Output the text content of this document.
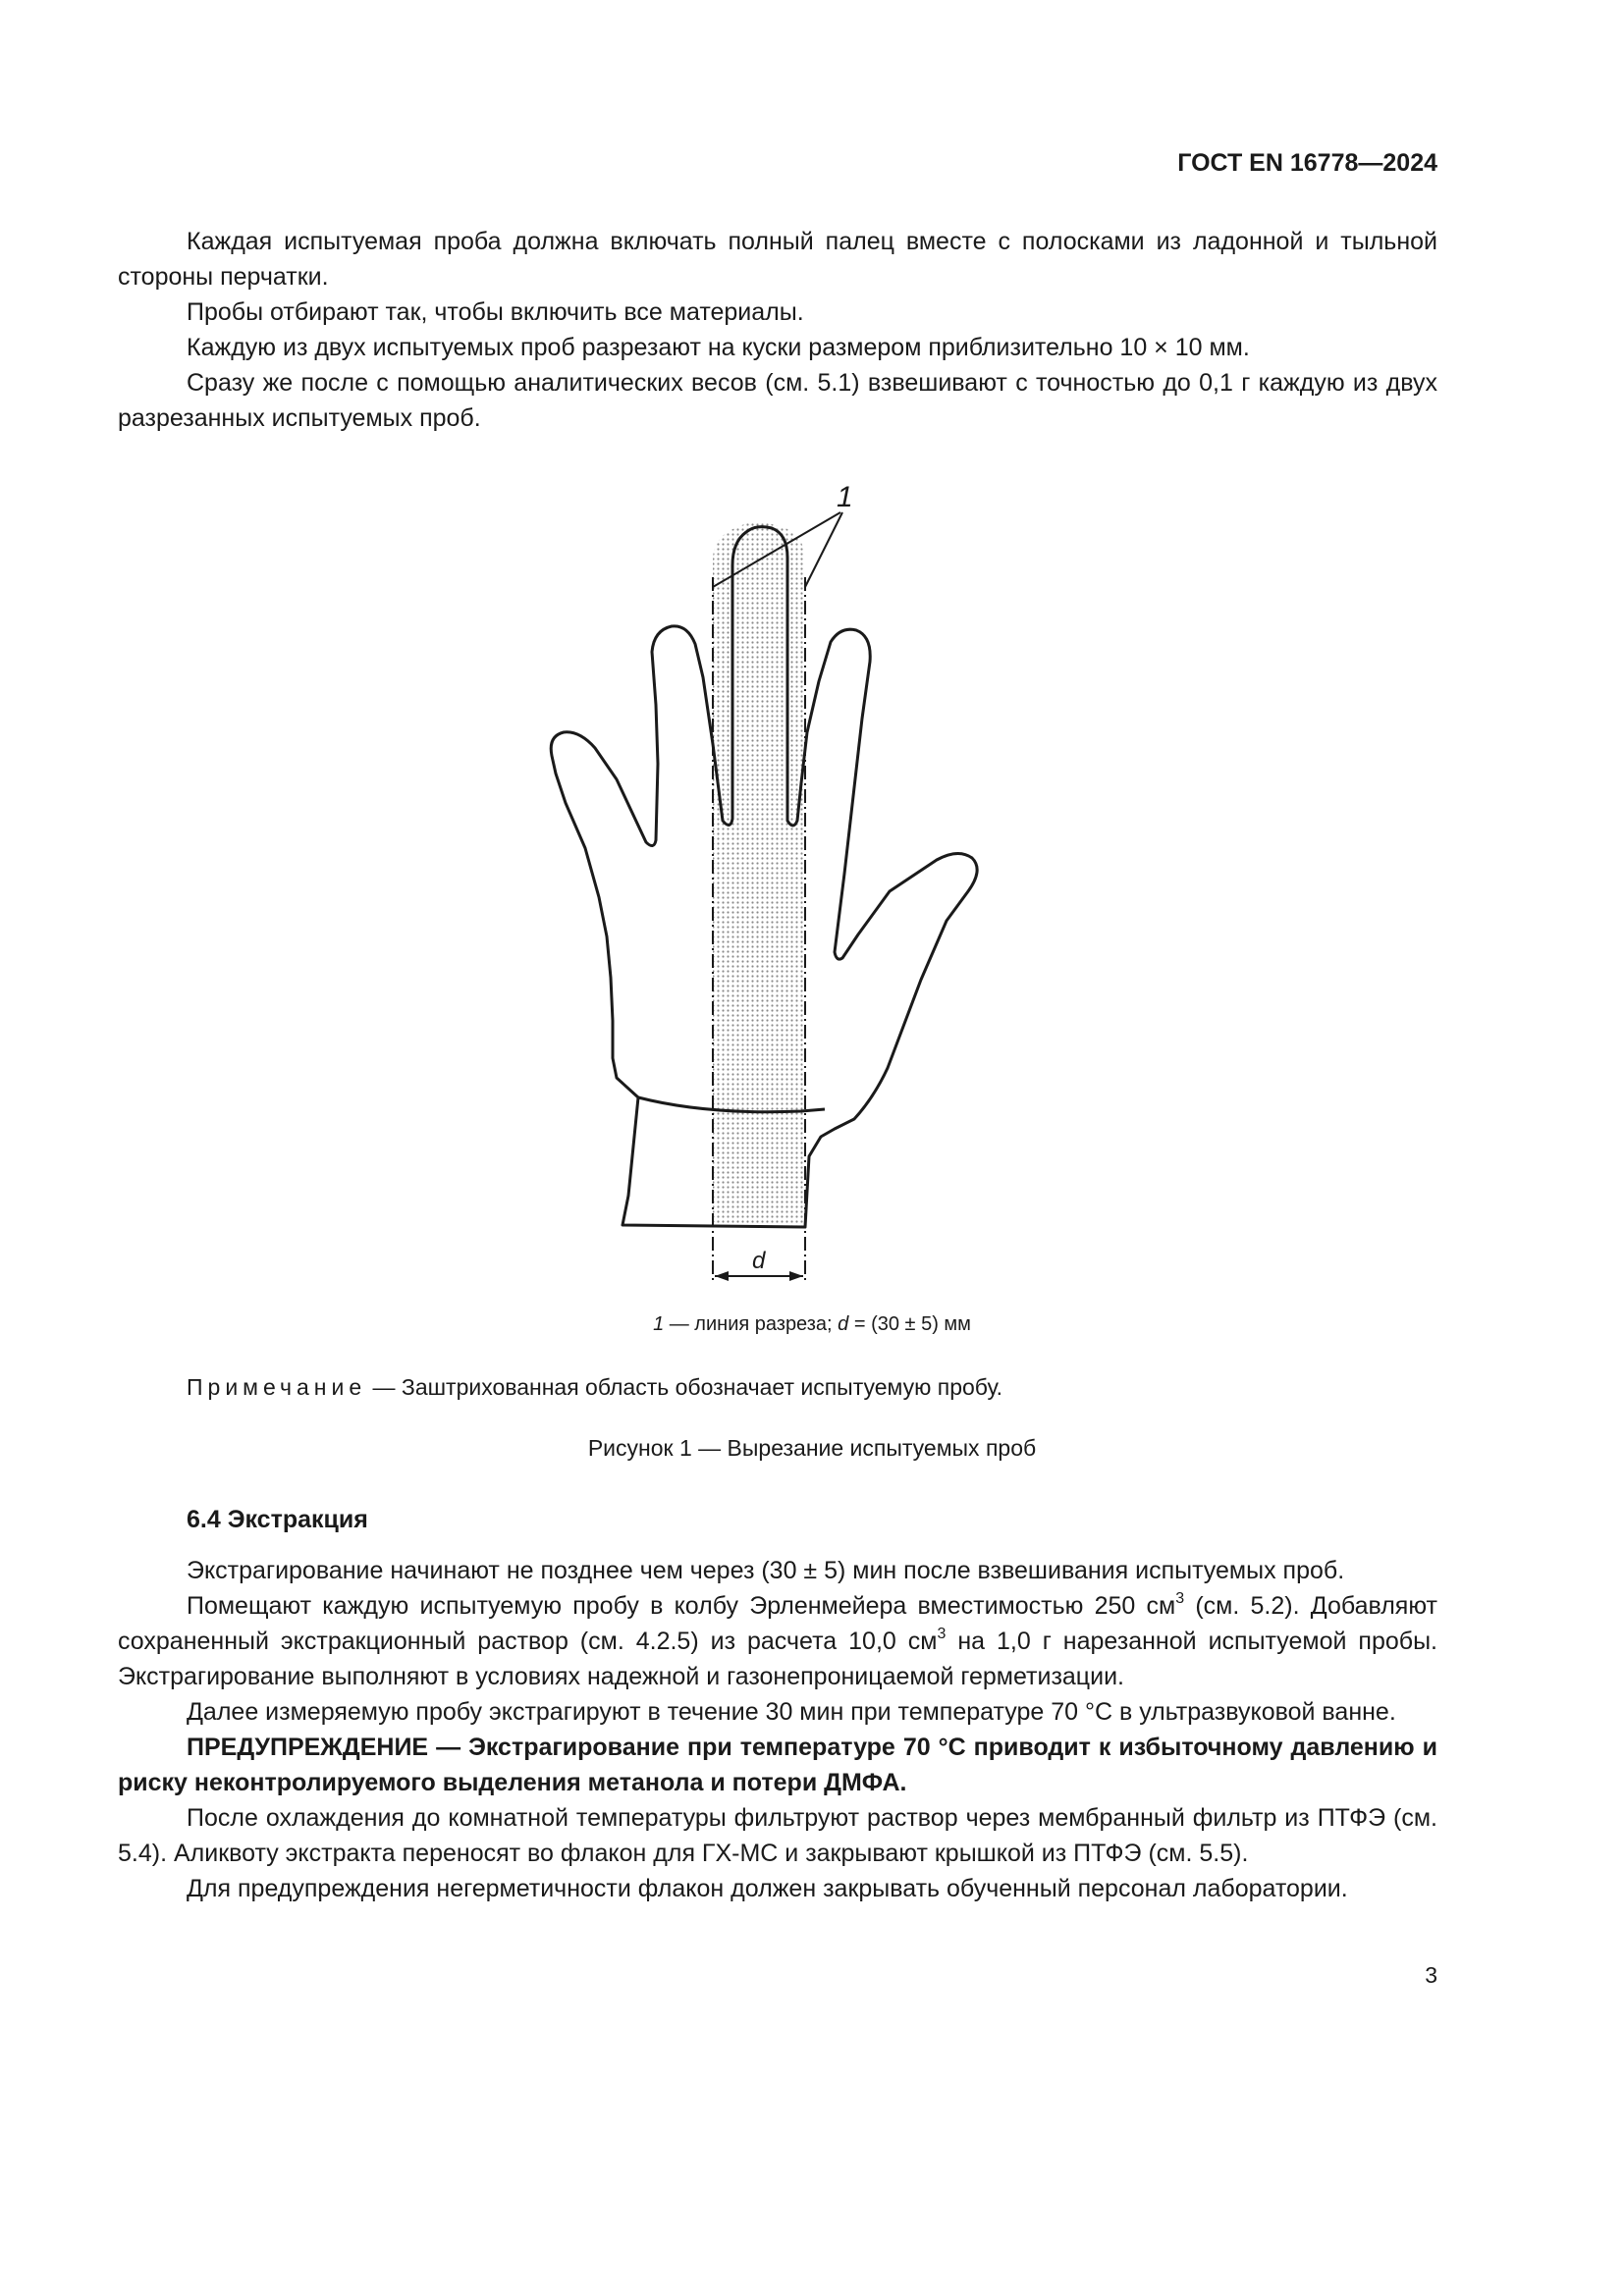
ГОСТ EN 16778—2024

Каждая испытуемая проба должна включать полный палец вместе с полосками из ладонной и тыльной стороны перчатки.

Пробы отбирают так, чтобы включить все материалы.

Каждую из двух испытуемых проб разрезают на куски размером приблизительно 10 × 10 мм.

Сразу же после с помощью аналитических весов (см. 5.1) взвешивают с точностью до 0,1 г каждую из двух разрезанных испытуемых проб.

1
d
1 — линия разреза; d = (30 ± 5) мм
Примечание — Заштрихованная область обозначает испытуемую пробу.
Рисунок 1 — Вырезание испытуемых проб
6.4 Экстракция

Экстрагирование начинают не позднее чем через (30 ± 5) мин после взвешивания испытуемых проб.

Помещают каждую испытуемую пробу в колбу Эрленмейера вместимостью 250 $см^3$ (см. 5.2). Добавляют сохраненный экстракционный раствор (см. 4.2.5) из расчета 10,0 $см^3$ на 1,0 г нарезанной испытуемой пробы. Экстрагирование выполняют в условиях надежной и газонепроницаемой герметизации.

Далее измеряемую пробу экстрагируют в течение 30 мин при температуре 70 °С в ультразвуковой ванне.

ПРЕДУПРЕЖДЕНИЕ — Экстрагирование при температуре 70 °С приводит к избыточному давлению и риску неконтролируемого выделения метанола и потери ДМФА.

После охлаждения до комнатной температуры фильтруют раствор через мембранный фильтр из ПТФЭ (см. 5.4). Аликвоту экстракта переносят во флакон для ГХ-МС и закрывают крышкой из ПТФЭ (см. 5.5).

Для предупреждения негерметичности флакон должен закрывать обученный персонал лаборатории.

3
